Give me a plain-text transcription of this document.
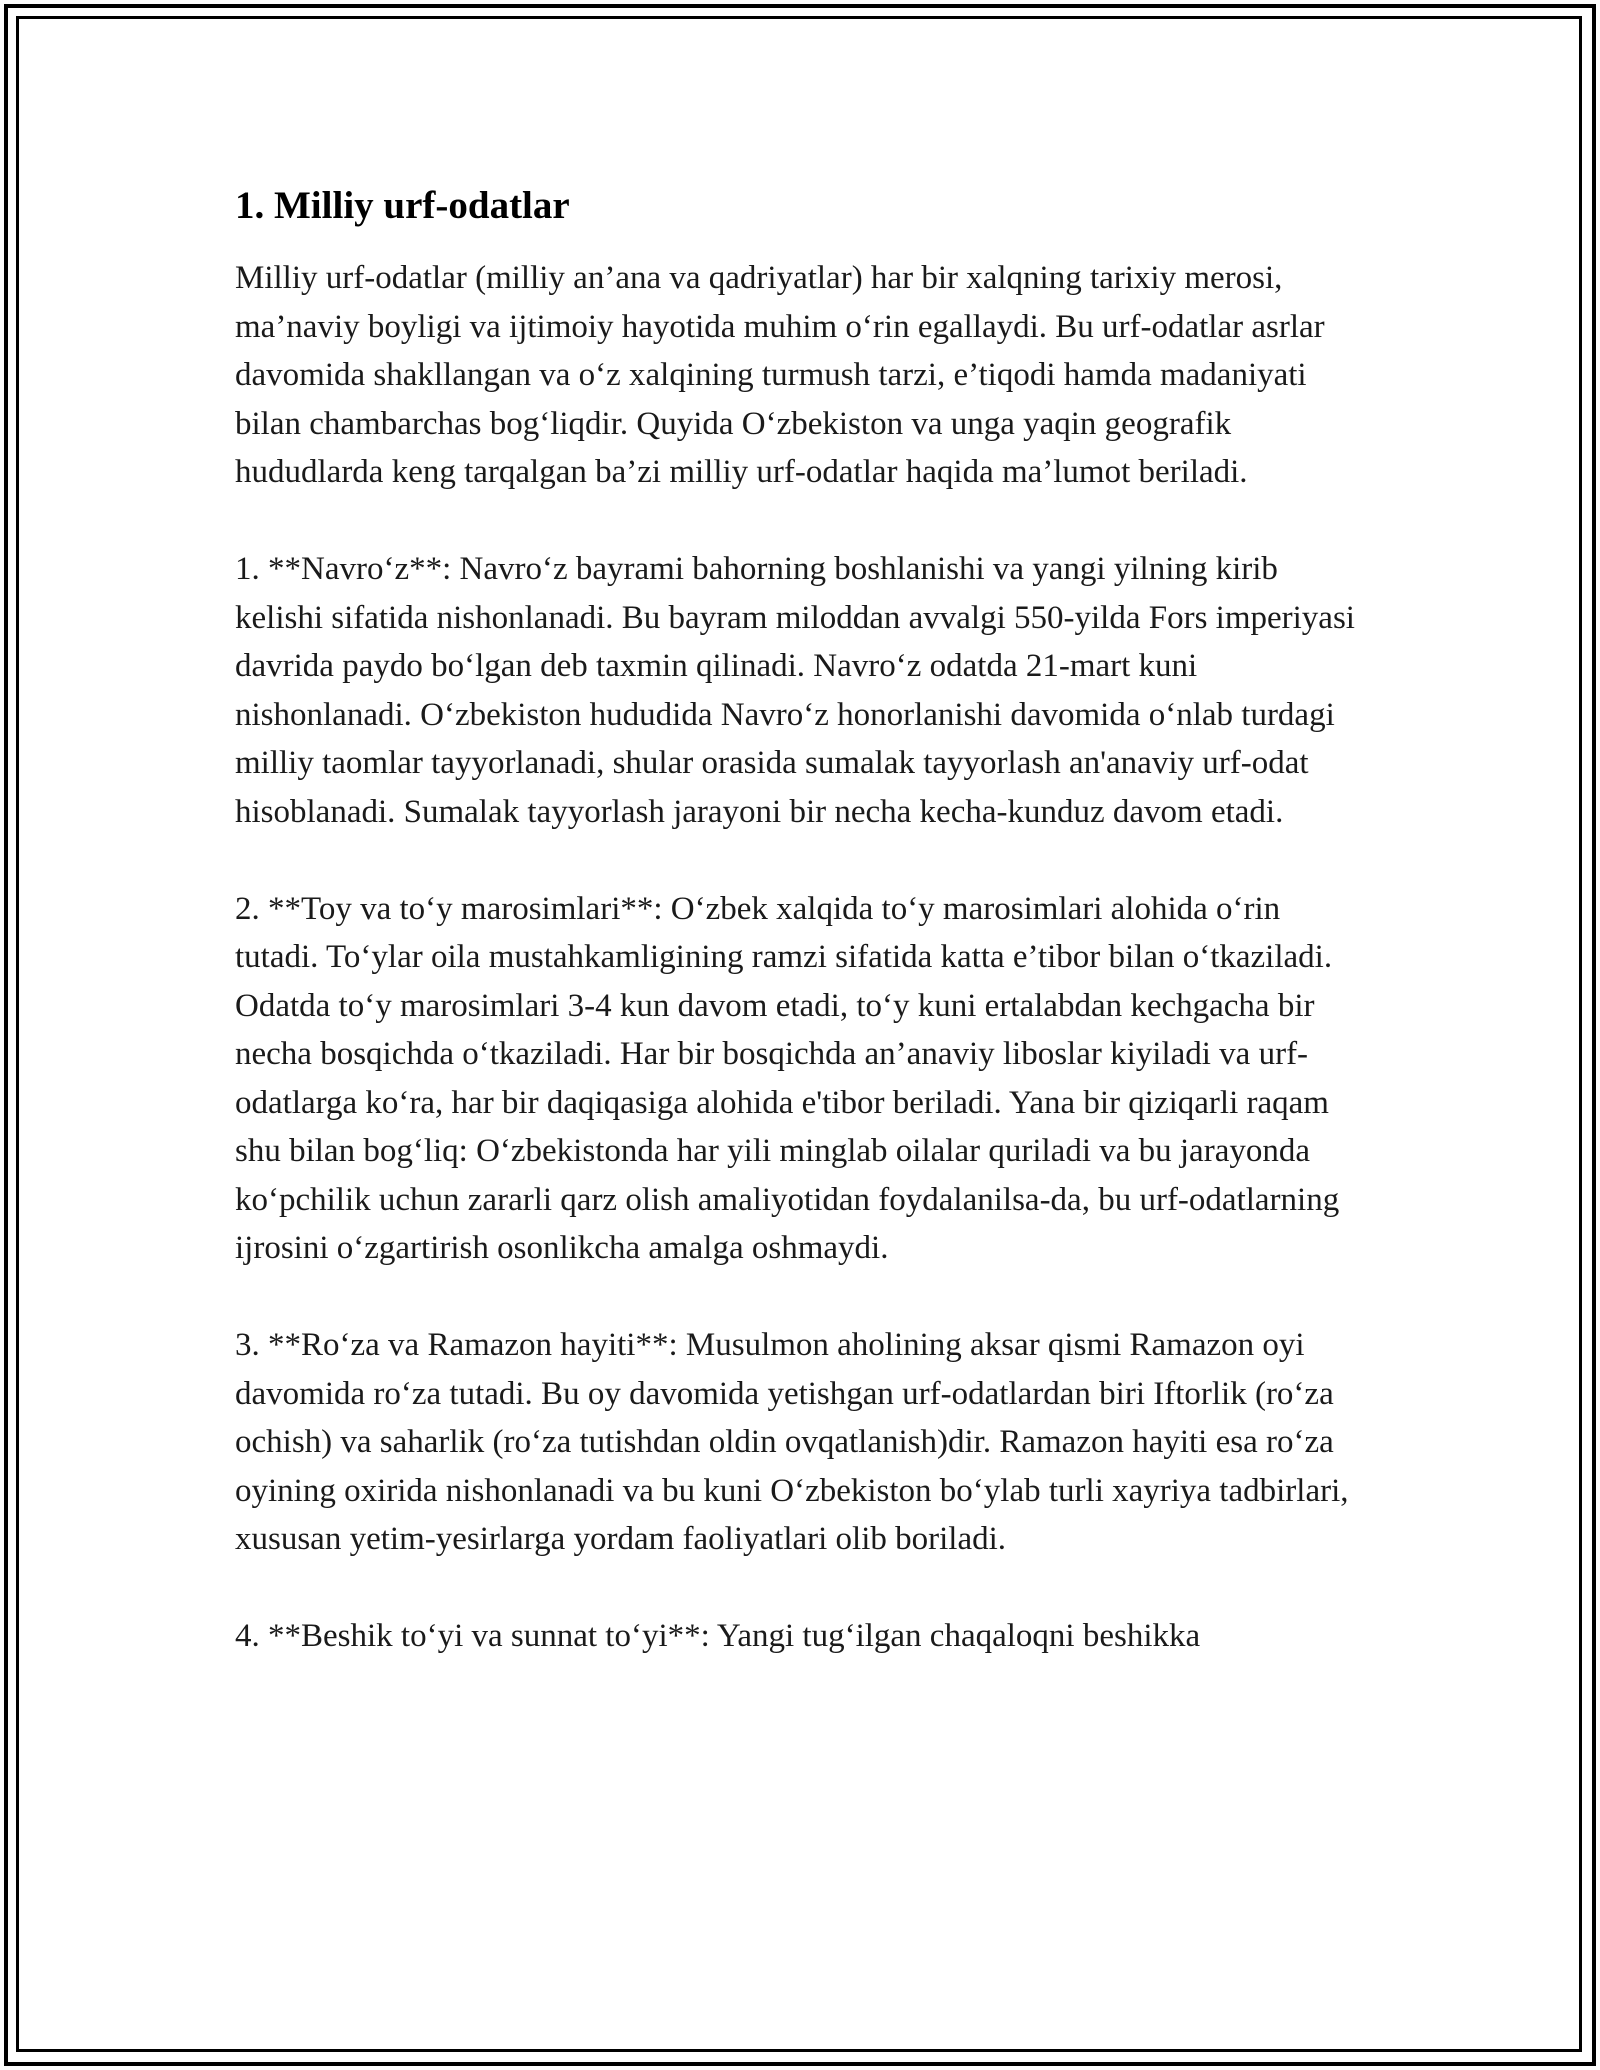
1. Milliy urf-odatlar

Milliy urf-odatlar (milliy an’ana va qadriyatlar) har bir xalqning tarixiy merosi, ma’naviy boyligi va ijtimoiy hayotida muhim o‘rin egallaydi. Bu urf-odatlar asrlar davomida shakllangan va o‘z xalqining turmush tarzi, e’tiqodi hamda madaniyati bilan chambarchas bog‘liqdir. Quyida O‘zbekiston va unga yaqin geografik hududlarda keng tarqalgan ba’zi milliy urf-odatlar haqida ma’lumot beriladi.

1. **Navro‘z**: Navro‘z bayrami bahorning boshlanishi va yangi yilning kirib kelishi sifatida nishonlanadi. Bu bayram miloddan avvalgi 550-yilda Fors imperiyasi davrida paydo bo‘lgan deb taxmin qilinadi. Navro‘z odatda 21-mart kuni nishonlanadi. O‘zbekiston hududida Navro‘z honorlanishi davomida o‘nlab turdagi milliy taomlar tayyorlanadi, shular orasida sumalak tayyorlash an'anaviy urf-odat hisoblanadi. Sumalak tayyorlash jarayoni bir necha kecha-kunduz davom etadi.

2. **Toy va to‘y marosimlari**: O‘zbek xalqida to‘y marosimlari alohida o‘rin tutadi. To‘ylar oila mustahkamligining ramzi sifatida katta e’tibor bilan o‘tkaziladi. Odatda to‘y marosimlari 3-4 kun davom etadi, to‘y kuni ertalabdan kechgacha bir necha bosqichda o‘tkaziladi. Har bir bosqichda an’anaviy liboslar kiyiladi va urf-odatlarga ko‘ra, har bir daqiqasiga alohida e'tibor beriladi. Yana bir qiziqarli raqam shu bilan bog‘liq: O‘zbekistonda har yili minglab oilalar quriladi va bu jarayonda ko‘pchilik uchun zararli qarz olish amaliyotidan foydalanilsa-da, bu urf-odatlarning ijrosini o‘zgartirish osonlikcha amalga oshmaydi.

3. **Ro‘za va Ramazon hayiti**: Musulmon aholining aksar qismi Ramazon oyi davomida ro‘za tutadi. Bu oy davomida yetishgan urf-odatlardan biri Iftorlik (ro‘za ochish) va saharlik (ro‘za tutishdan oldin ovqatlanish)dir. Ramazon hayiti esa ro‘za oyining oxirida nishonlanadi va bu kuni O‘zbekiston bo‘ylab turli xayriya tadbirlari, xususan yetim-yesirlarga yordam faoliyatlari olib boriladi.

4. **Beshik to‘yi va sunnat to‘yi**: Yangi tug‘ilgan chaqaloqni beshikka
